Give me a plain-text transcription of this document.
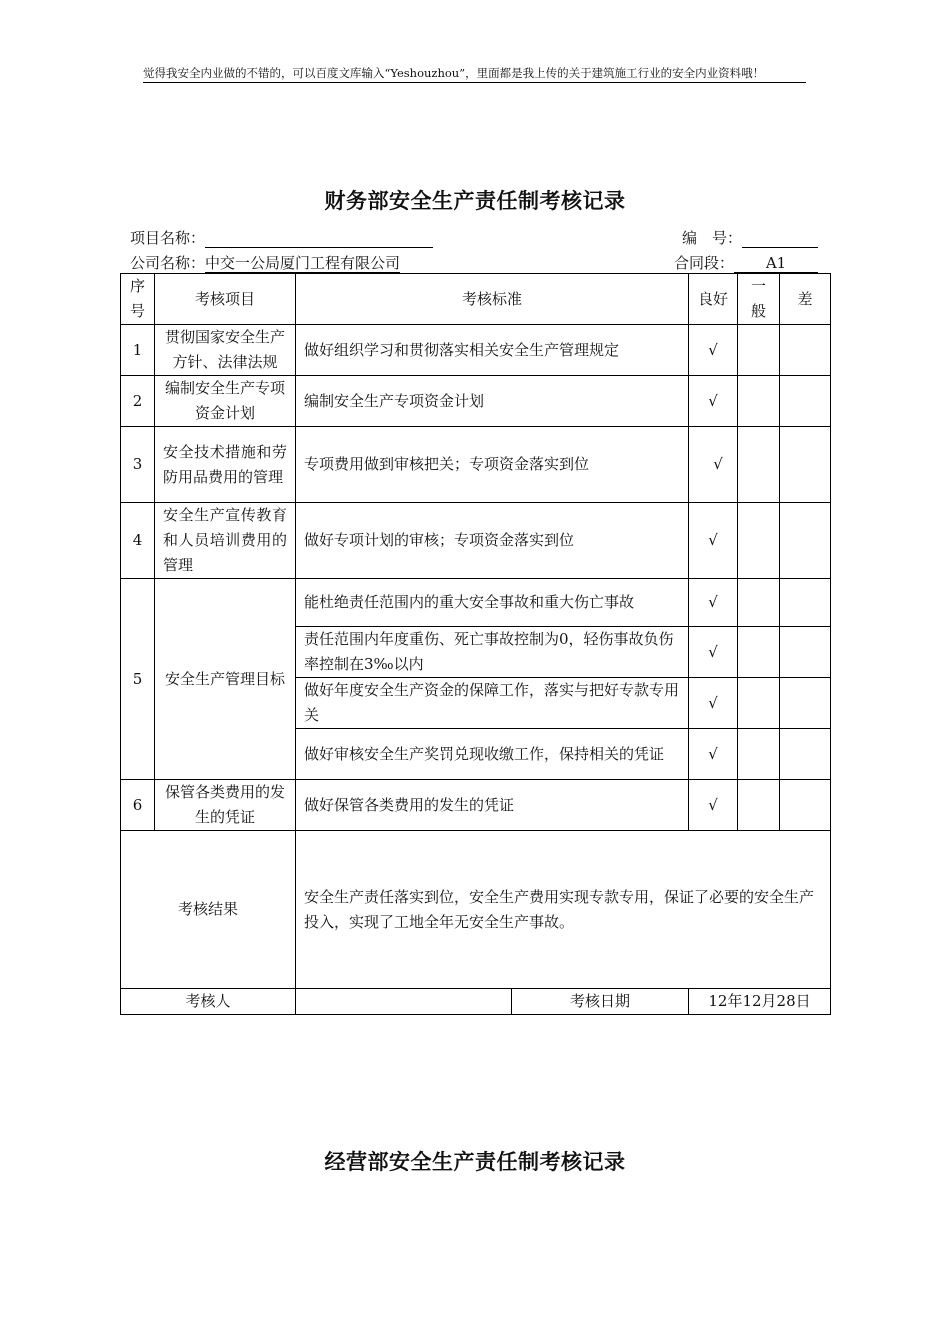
觉得我安全内业做的不错的，可以百度文库输入“Yeshouzhou”，里面都是我上传的关于建筑施工行业的安全内业资料哦！
财务部安全生产责任制考核记录
项目名称：	编　号：
公司名称：中交一公局厦门工程有限公司	合同段： A1
序号	考核项目	考核标准	良好	一般	差
1	贯彻国家安全生产方针、法律法规	做好组织学习和贯彻落实相关安全生产管理规定	√		
2	编制安全生产专项资金计划	编制安全生产专项资金计划	√		
3	安全技术措施和劳防用品费用的管理	专项费用做到审核把关；专项资金落实到位	√		
4	安全生产宣传教育和人员培训费用的管理	做好专项计划的审核；专项资金落实到位	√		
5	安全生产管理目标	能杜绝责任范围内的重大安全事故和重大伤亡事故	√		
		责任范围内年度重伤、死亡事故控制为0，轻伤事故负伤率控制在3‰以内	√		
		做好年度安全生产资金的保障工作，落实与把好专款专用关	√		
		做好审核安全生产奖罚兑现收缴工作，保持相关的凭证	√		
6	保管各类费用的发生的凭证	做好保管各类费用的发生的凭证	√		
考核结果		安全生产责任落实到位，安全生产费用实现专款专用，保证了必要的安全生产投入，实现了工地全年无安全生产事故。			
考核人		考核日期	12年12月28日		
经营部安全生产责任制考核记录
